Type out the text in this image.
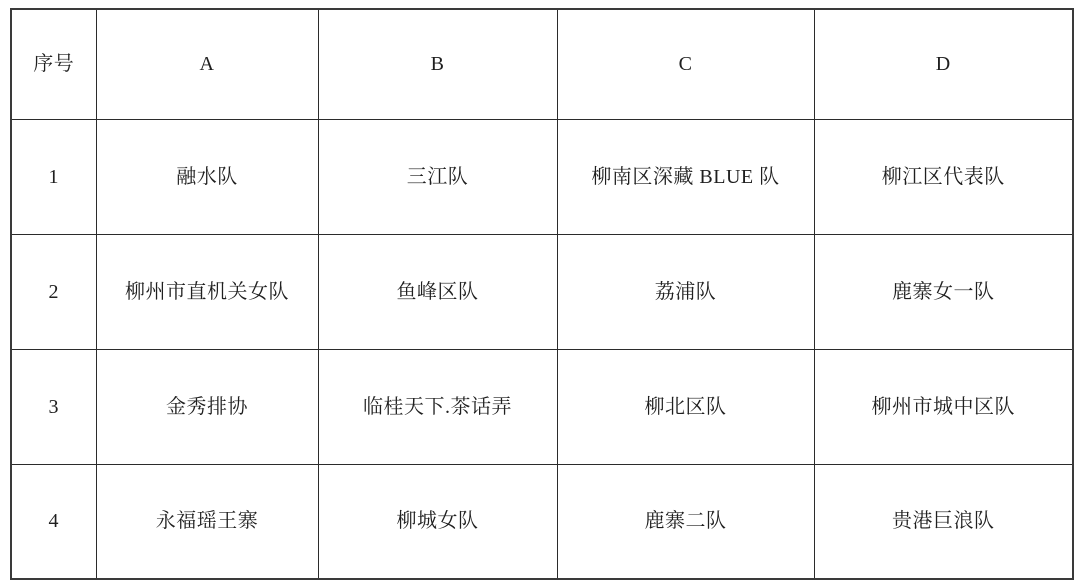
序号	A	B	C	D
1	融水队	三江队	柳南区深藏 BLUE 队	柳江区代表队
2	柳州市直机关女队	鱼峰区队	荔浦队	鹿寨女一队
3	金秀排协	临桂天下.茶话弄	柳北区队	柳州市城中区队
4	永福瑶王寨	柳城女队	鹿寨二队	贵港巨浪队
